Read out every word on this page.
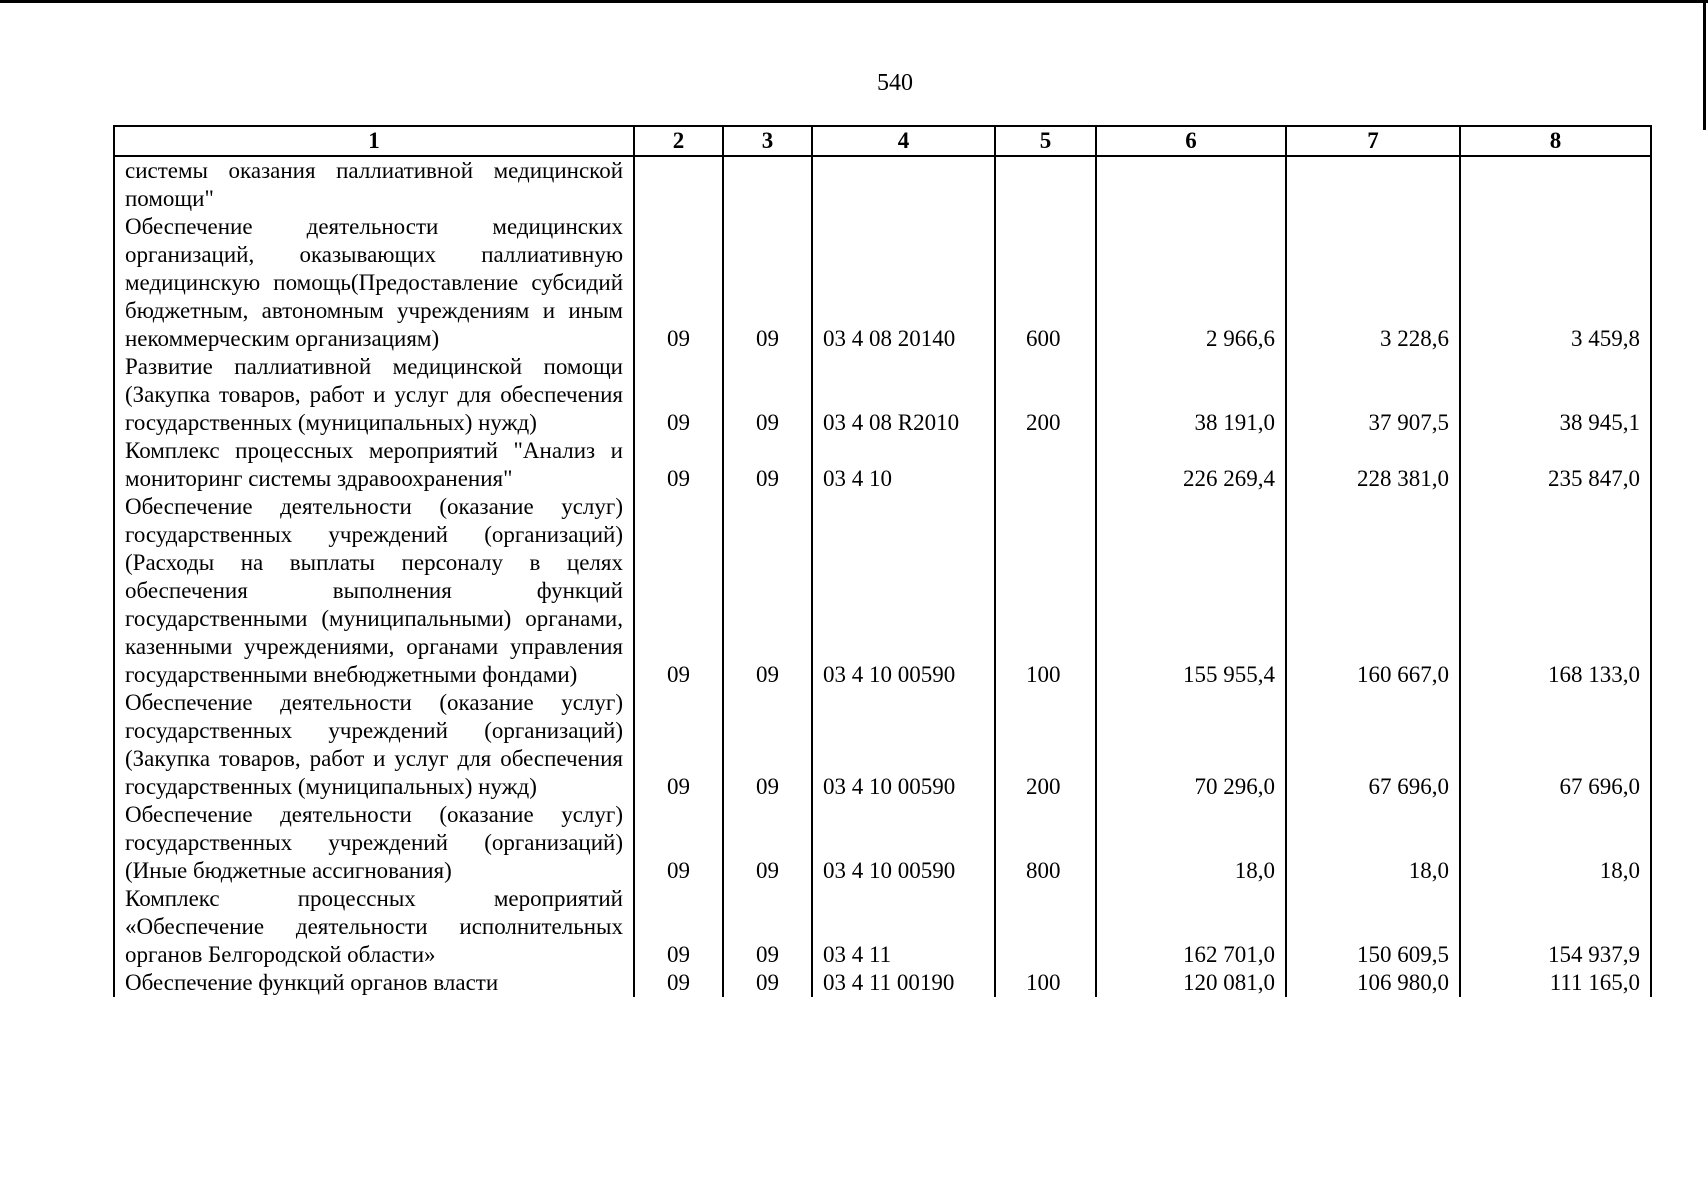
540
1	2	3	4	5	6	7	8
системы оказания паллиативной медицинской помощи"							
Обеспечение деятельности медицинских организаций, оказывающих паллиативную медицинскую помощь(Предоставление субсидий бюджетным, автономным учреждениям и иным некоммерческим организациям)	09	09	03 4 08 20140	600	2 966,6	3 228,6	3 459,8
Развитие паллиативной медицинской помощи (Закупка товаров, работ и услуг для обеспечения государственных (муниципальных) нужд)	09	09	03 4 08 R2010	200	38 191,0	37 907,5	38 945,1
Комплекс процессных мероприятий "Анализ и мониторинг системы здравоохранения"	09	09	03 4 10		226 269,4	228 381,0	235 847,0
Обеспечение деятельности (оказание услуг) государственных учреждений (организаций) (Расходы на выплаты персоналу в целях обеспечения выполнения функций государственными (муниципальными) органами, казенными учреждениями, органами управления государственными внебюджетными фондами)	09	09	03 4 10 00590	100	155 955,4	160 667,0	168 133,0
Обеспечение деятельности (оказание услуг) государственных учреждений (организаций) (Закупка товаров, работ и услуг для обеспечения государственных (муниципальных) нужд)	09	09	03 4 10 00590	200	70 296,0	67 696,0	67 696,0
Обеспечение деятельности (оказание услуг) государственных учреждений (организаций) (Иные бюджетные ассигнования)	09	09	03 4 10 00590	800	18,0	18,0	18,0
Комплекс процессных мероприятий «Обеспечение деятельности исполнительных органов Белгородской области»	09	09	03 4 11		162 701,0	150 609,5	154 937,9
Обеспечение функций органов власти	09	09	03 4 11 00190	100	120 081,0	106 980,0	111 165,0
